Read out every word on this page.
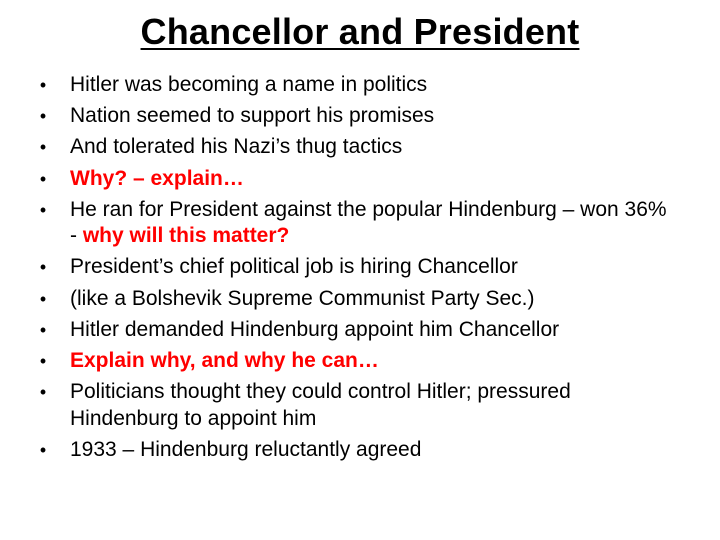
Chancellor and President
• Hitler was becoming a name in politics
• Nation seemed to support his promises
• And tolerated his Nazi’s thug tactics
• Why? – explain…
• He ran for President against the popular Hindenburg – won 36% - why will this matter?
• President’s chief political job is hiring Chancellor
• (like a Bolshevik Supreme Communist Party Sec.)
• Hitler demanded Hindenburg appoint him Chancellor
• Explain why, and why he can…
• Politicians thought they could control Hitler; pressured Hindenburg to appoint him
• 1933 – Hindenburg reluctantly agreed
